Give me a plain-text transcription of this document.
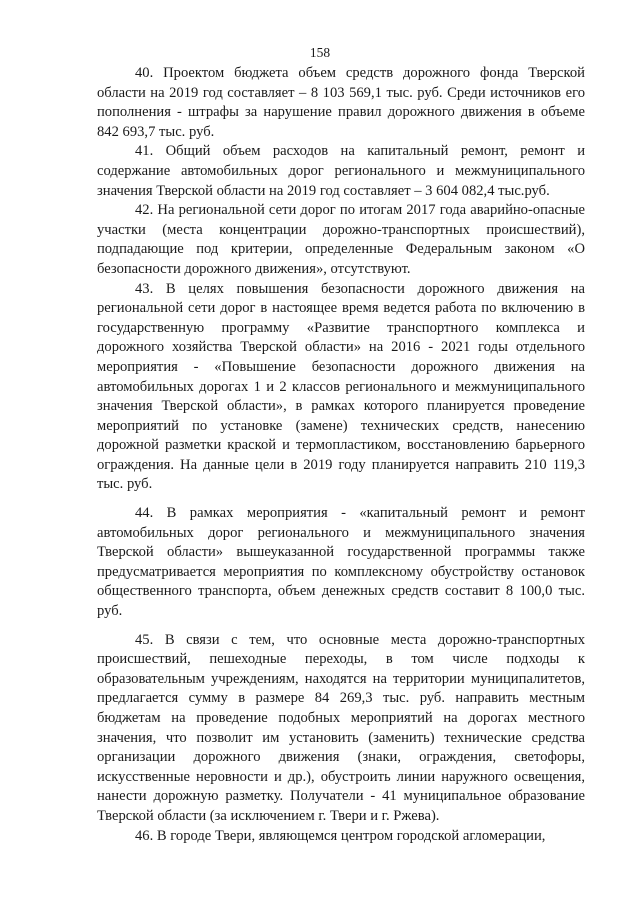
158

40. Проектом бюджета объем средств дорожного фонда Тверской области на 2019 год составляет – 8 103 569,1 тыс. руб. Среди источников его пополнения - штрафы за нарушение правил дорожного движения в объеме 842 693,7 тыс. руб.

41. Общий объем расходов на капитальный ремонт, ремонт и содержание автомобильных дорог регионального и межмуниципального значения Тверской области на 2019 год составляет – 3 604 082,4 тыс.руб.

42. На региональной сети дорог по итогам 2017 года аварийно-опасные участки (места концентрации дорожно-транспортных происшествий), подпадающие под критерии, определенные Федеральным законом «О безопасности дорожного движения», отсутствуют.

43. В целях повышения безопасности дорожного движения на региональной сети дорог в настоящее время ведется работа по включению в государственную программу «Развитие транспортного комплекса и дорожного хозяйства Тверской области» на 2016 - 2021 годы отдельного мероприятия - «Повышение безопасности дорожного движения на автомобильных дорогах 1 и 2 классов регионального и межмуниципального значения Тверской области», в рамках которого планируется проведение мероприятий по установке (замене) технических средств, нанесению дорожной разметки краской и термопластиком, восстановлению барьерного ограждения. На данные цели в 2019 году планируется направить 210 119,3 тыс. руб.

44. В рамках мероприятия - «капитальный ремонт и ремонт автомобильных дорог регионального и межмуниципального значения Тверской области» вышеуказанной государственной программы также предусматривается мероприятия по комплексному обустройству остановок общественного транспорта, объем денежных средств составит 8 100,0 тыс. руб.

45. В связи с тем, что основные места дорожно-транспортных происшествий, пешеходные переходы, в том числе подходы к образовательным учреждениям, находятся на территории муниципалитетов, предлагается сумму в размере 84 269,3 тыс. руб. направить местным бюджетам на проведение подобных мероприятий на дорогах местного значения, что позволит им установить (заменить) технические средства организации дорожного движения (знаки, ограждения, светофоры, искусственные неровности и др.), обустроить линии наружного освещения, нанести дорожную разметку. Получатели - 41 муниципальное образование Тверской области (за исключением г. Твери и г. Ржева).

46. В городе Твери, являющемся центром городской агломерации,
